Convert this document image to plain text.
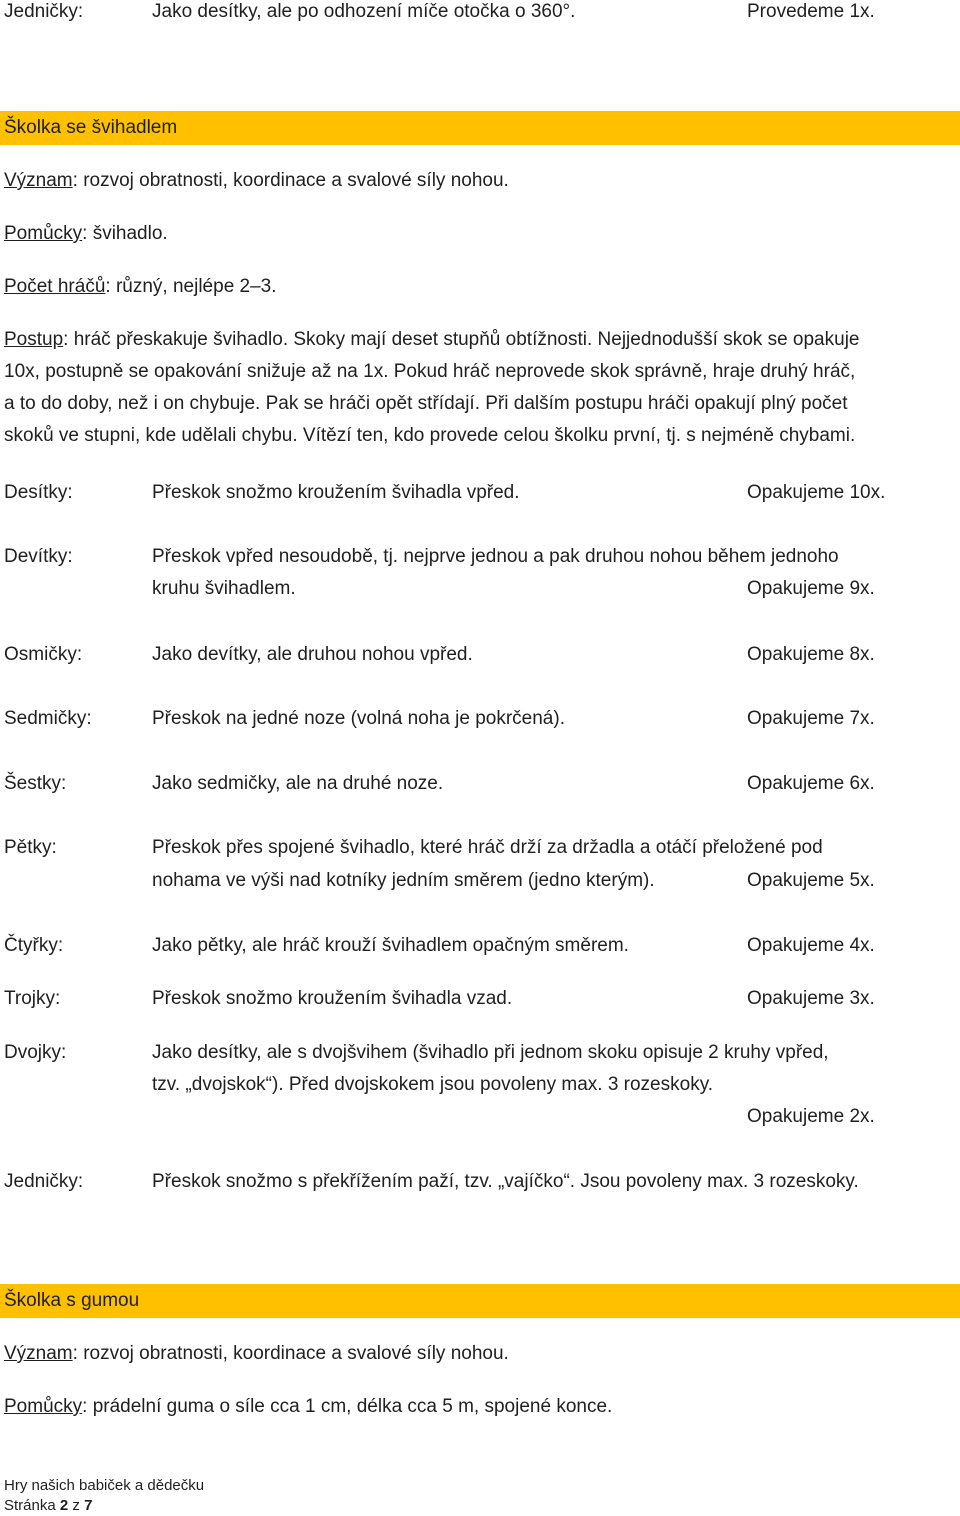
Jedničky:	Jako desítky, ale po odhození míče otočka o 360°.	Provedeme 1x.
Školka se švihadlem
Význam: rozvoj obratnosti, koordinace a svalové síly nohou.
Pomůcky: švihadlo.
Počet hráčů: různý, nejlépe 2–3.
Postup: hráč přeskakuje švihadlo. Skoky mají deset stupňů obtížnosti. Nejjednodušší skok se opakuje
10x, postupně se opakování snižuje až na 1x. Pokud hráč neprovede skok správně, hraje druhý hráč,
a to do doby, než i on chybuje. Pak se hráči opět střídají. Při dalším postupu hráči opakují plný počet
skoků ve stupni, kde udělali chybu. Vítězí ten, kdo provede celou školku první, tj. s nejméně chybami.
Desítky:	Přeskok snožmo kroužením švihadla vpřed.	Opakujeme 10x.
Devítky:	Přeskok vpřed nesoudobě, tj. nejprve jednou a pak druhou nohou během jednoho
kruhu švihadlem.	Opakujeme 9x.
Osmičky:	Jako devítky, ale druhou nohou vpřed.	Opakujeme 8x.
Sedmičky:	Přeskok na jedné noze (volná noha je pokrčená).	Opakujeme 7x.
Šestky:	Jako sedmičky, ale na druhé noze.	Opakujeme 6x.
Pětky:	Přeskok přes spojené švihadlo, které hráč drží za držadla a otáčí přeložené pod
nohama ve výši nad kotníky jedním směrem (jedno kterým).	Opakujeme 5x.
Čtyřky:	Jako pětky, ale hráč krouží švihadlem opačným směrem.	Opakujeme 4x.
Trojky:	Přeskok snožmo kroužením švihadla vzad.	Opakujeme 3x.
Dvojky:	Jako desítky, ale s dvojšvihem (švihadlo při jednom skoku opisuje 2 kruhy vpřed,
tzv. „dvojskok“). Před dvojskokem jsou povoleny max. 3 rozeskoky.
Opakujeme 2x.
Jedničky:	Přeskok snožmo s překřížením paží, tzv. „vajíčko“. Jsou povoleny max. 3 rozeskoky.
Školka s gumou
Význam: rozvoj obratnosti, koordinace a svalové síly nohou.
Pomůcky: prádelní guma o síle cca 1 cm, délka cca 5 m, spojené konce.
Hry našich babiček a dědečku
Stránka 2 z 7
